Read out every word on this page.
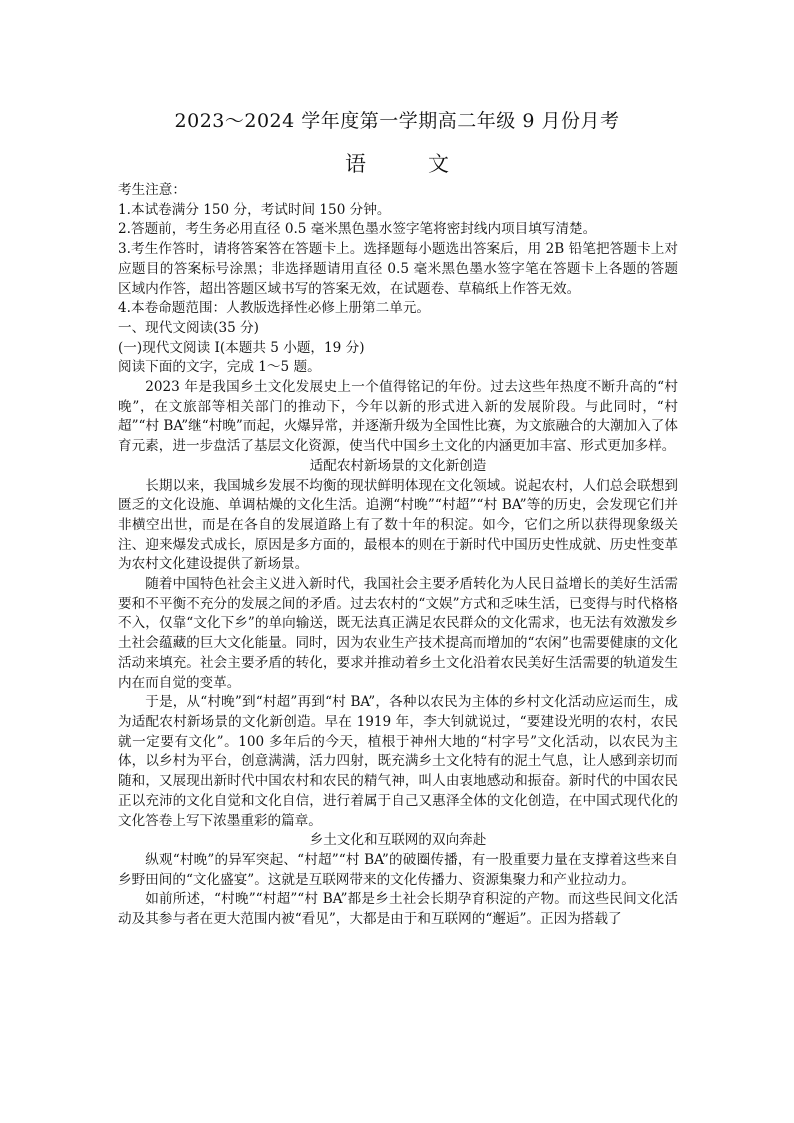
2023～2024 学年度第一学期高二年级 9 月份月考
语	文

考生注意：

1.本试卷满分 150 分，考试时间 150 分钟。

2.答题前，考生务必用直径 0.5 毫米黑色墨水签字笔将密封线内项目填写清楚。

3.考生作答时，请将答案答在答题卡上。选择题每小题选出答案后，用 2B 铅笔把答题卡上对应题目的答案标号涂黑；非选择题请用直径 0.5 毫米黑色墨水签字笔在答题卡上各题的答题区域内作答，超出答题区域书写的答案无效，在试题卷、草稿纸上作答无效。

4.本卷命题范围：人教版选择性必修上册第二单元。

一、现代文阅读(35 分)

(一)现代文阅读 I(本题共 5 小题，19 分)

阅读下面的文字，完成 1～5 题。

2023 年是我国乡土文化发展史上一个值得铭记的年份。过去这些年热度不断升高的“村晚”，在文旅部等相关部门的推动下，今年以新的形式进入新的发展阶段。与此同时，“村超”“村 BA”继“村晚”而起，火爆异常，并逐渐升级为全国性比赛，为文旅融合的大潮加入了体育元素，进一步盘活了基层文化资源，使当代中国乡土文化的内涵更加丰富、形式更加多样。

适配农村新场景的文化新创造

长期以来，我国城乡发展不均衡的现状鲜明体现在文化领域。说起农村，人们总会联想到匮乏的文化设施、单调枯燥的文化生活。追溯“村晚”“村超”“村 BA”等的历史，会发现它们并非横空出世，而是在各自的发展道路上有了数十年的积淀。如今，它们之所以获得现象级关注、迎来爆发式成长，原因是多方面的，最根本的则在于新时代中国历史性成就、历史性变革为农村文化建设提供了新场景。

随着中国特色社会主义进入新时代，我国社会主要矛盾转化为人民日益增长的美好生活需要和不平衡不充分的发展之间的矛盾。过去农村的“文娱”方式和乏味生活，已变得与时代格格不入，仅靠“文化下乡”的单向输送，既无法真正满足农民群众的文化需求，也无法有效激发乡土社会蕴藏的巨大文化能量。同时，因为农业生产技术提高而增加的“农闲”也需要健康的文化活动来填充。社会主要矛盾的转化，要求并推动着乡土文化沿着农民美好生活需要的轨道发生内在而自觉的变革。

于是，从“村晚”到“村超”再到“村 BA”，各种以农民为主体的乡村文化活动应运而生，成为适配农村新场景的文化新创造。早在 1919 年，李大钊就说过，“要建设光明的农村，农民就一定要有文化”。100 多年后的今天，植根于神州大地的“村字号”文化活动，以农民为主体，以乡村为平台，创意满满，活力四射，既充满乡土文化特有的泥土气息，让人感到亲切而随和，又展现出新时代中国农村和农民的精气神，叫人由衷地感动和振奋。新时代的中国农民正以充沛的文化自觉和文化自信，进行着属于自己又惠泽全体的文化创造，在中国式现代化的文化答卷上写下浓墨重彩的篇章。

乡土文化和互联网的双向奔赴

纵观“村晚”的异军突起、“村超”“村 BA”的破圈传播，有一股重要力量在支撑着这些来自乡野田间的“文化盛宴”。这就是互联网带来的文化传播力、资源集聚力和产业拉动力。

如前所述，“村晚”“村超”“村 BA”都是乡土社会长期孕育积淀的产物。而这些民间文化活动及其参与者在更大范围内被“看见”，大都是由于和互联网的“邂逅”。正因为搭载了
